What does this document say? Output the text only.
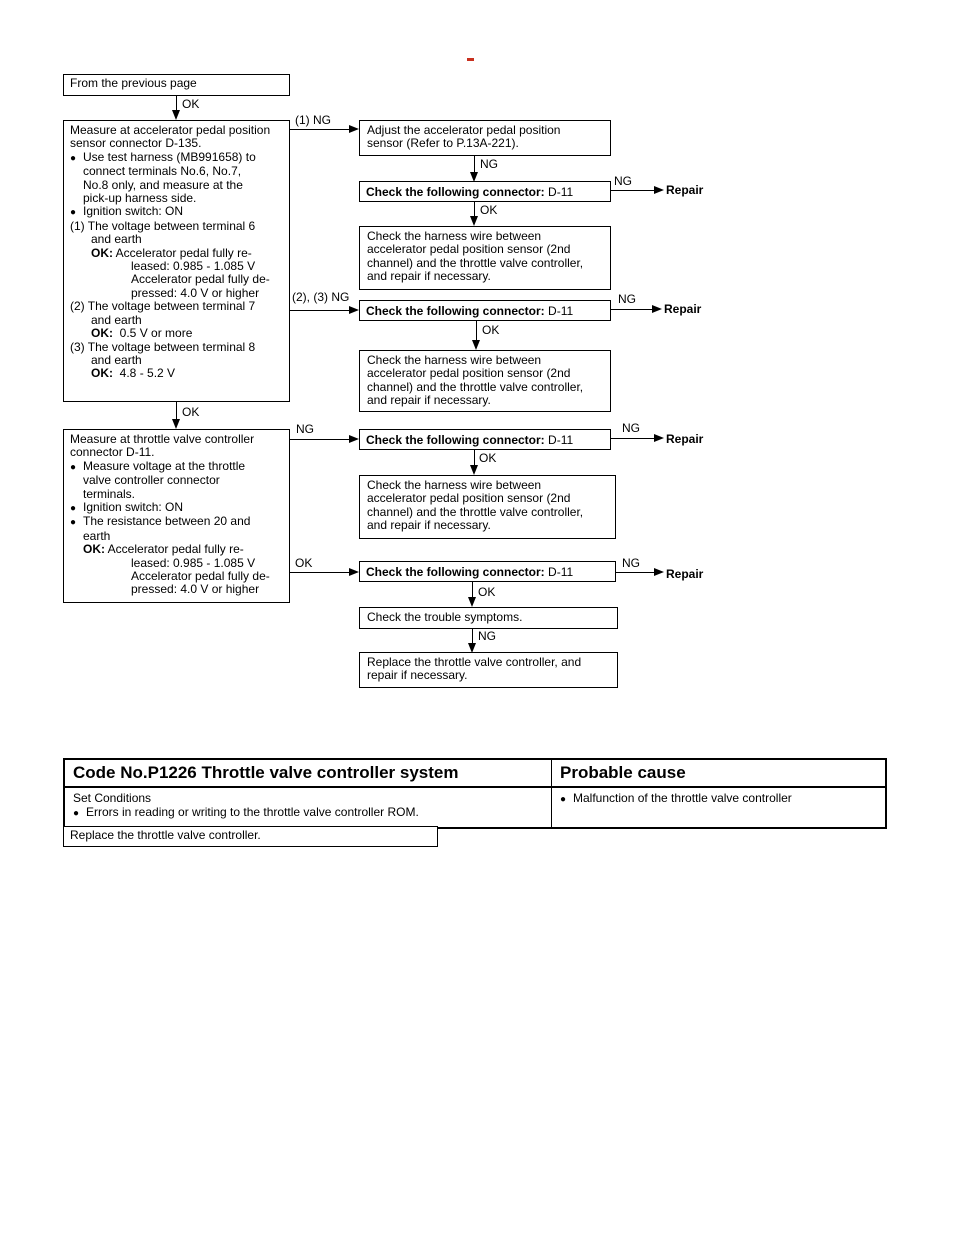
From the previous page
OK
Measure at accelerator pedal position
sensor connector D-135.
● Use test harness (MB991658) to
connect terminals No.6, No.7,
No.8 only, and measure at the
pick-up harness side.
● Ignition switch: ON
(1) The voltage between terminal 6
and earth
OK: Accelerator pedal fully re-
leased: 0.985 - 1.085 V
Accelerator pedal fully de-
pressed: 4.0 V or higher
(2) The voltage between terminal 7
and earth
OK: 0.5 V or more
(3) The voltage between terminal 8
and earth
OK: 4.8 - 5.2 V
(1) NG
Adjust the accelerator pedal position
sensor (Refer to P.13A-221).
NG
Check the following connector: D-11
NG
Repair
OK
Check the harness wire between
accelerator pedal position sensor (2nd
channel) and the throttle valve controller,
and repair if necessary.
(2), (3) NG
Check the following connector: D-11
NG
Repair
OK
Check the harness wire between
accelerator pedal position sensor (2nd
channel) and the throttle valve controller,
and repair if necessary.
OK
Measure at throttle valve controller
connector D-11.
● Measure voltage at the throttle
valve controller connector
terminals.
● Ignition switch: ON
● The resistance between 20 and
earth
OK: Accelerator pedal fully re-
leased: 0.985 - 1.085 V
Accelerator pedal fully de-
pressed: 4.0 V or higher
NG
Check the following connector: D-11
NG
Repair
OK
Check the harness wire between
accelerator pedal position sensor (2nd
channel) and the throttle valve controller,
and repair if necessary.
OK
Check the following connector: D-11
NG
Repair
OK
Check the trouble symptoms.
NG
Replace the throttle valve controller, and
repair if necessary.
Code No.P1226 Throttle valve controller system	Probable cause

Set Conditions
● Errors in reading or writing to the throttle valve controller ROM.	● Malfunction of the throttle valve controller
Replace the throttle valve controller.
